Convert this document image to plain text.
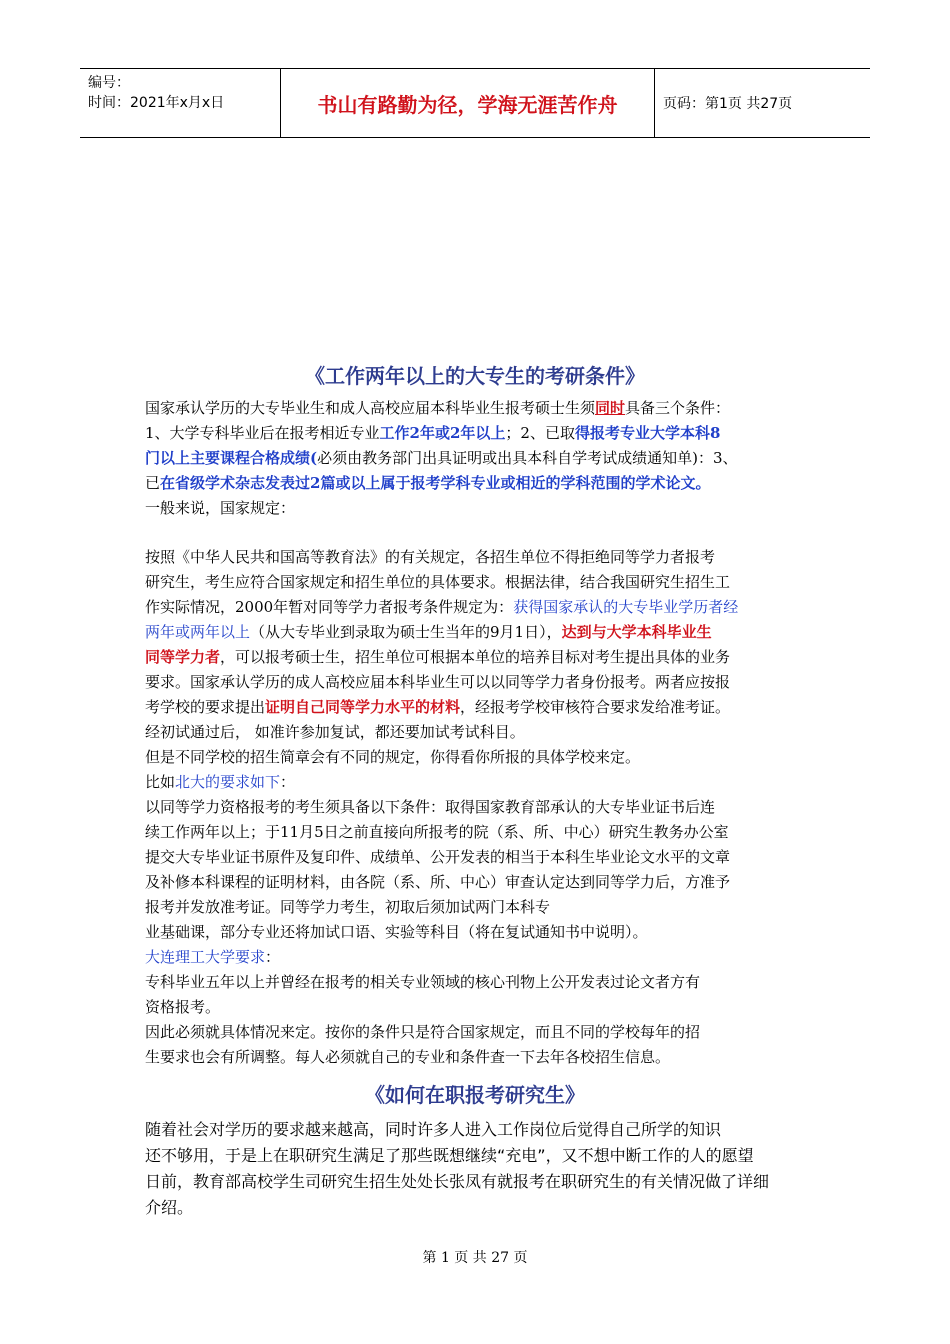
编号：
时间：2021年x月x日	书山有路勤为径，学海无涯苦作舟	页码：第1页 共27页
《工作两年以上的大专生的考研条件》
国家承认学历的大专毕业生和成人高校应届本科毕业生报考硕士生须同时具备三个条件：
1、大学专科毕业后在报考相近专业工作2年或2年以上；2、已取得报考专业大学本科8
门以上主要课程合格成绩(必须由教务部门出具证明或出具本科自学考试成绩通知单)：3、
已在省级学术杂志发表过2篇或以上属于报考学科专业或相近的学科范围的学术论文。
一般来说，国家规定：
按照《中华人民共和国高等教育法》的有关规定，各招生单位不得拒绝同等学力者报考
研究生，考生应符合国家规定和招生单位的具体要求。根据法律，结合我国研究生招生工
作实际情况，2000年暂对同等学力者报考条件规定为：获得国家承认的大专毕业学历者经
两年或两年以上（从大专毕业到录取为硕士生当年的9月1日），达到与大学本科毕业生
同等学力者，可以报考硕士生，招生单位可根据本单位的培养目标对考生提出具体的业务
要求。国家承认学历的成人高校应届本科毕业生可以以同等学力者身份报考。两者应按报
考学校的要求提出证明自己同等学力水平的材料，经报考学校审核符合要求发给准考证。
经初试通过后， 如准许参加复试，都还要加试考试科目。
但是不同学校的招生简章会有不同的规定，你得看你所报的具体学校来定。
比如北大的要求如下：
以同等学力资格报考的考生须具备以下条件：取得国家教育部承认的大专毕业证书后连
续工作两年以上；于11月5日之前直接向所报考的院（系、所、中心）研究生教务办公室
提交大专毕业证书原件及复印件、成绩单、公开发表的相当于本科生毕业论文水平的文章
及补修本科课程的证明材料，由各院（系、所、中心）审查认定达到同等学力后，方准予
报考并发放准考证。同等学力考生，初取后须加试两门本科专
业基础课，部分专业还将加试口语、实验等科目（将在复试通知书中说明）。
大连理工大学要求：
专科毕业五年以上并曾经在报考的相关专业领域的核心刊物上公开发表过论文者方有
资格报考。
因此必须就具体情况来定。按你的条件只是符合国家规定，而且不同的学校每年的招
生要求也会有所调整。每人必须就自己的专业和条件查一下去年各校招生信息。
《如何在职报考研究生》
随着社会对学历的要求越来越高，同时许多人进入工作岗位后觉得自己所学的知识
还不够用，于是上在职研究生满足了那些既想继续“充电”，又不想中断工作的人的愿望
日前，教育部高校学生司研究生招生处处长张凤有就报考在职研究生的有关情况做了详细
介绍。
第 1 页 共 27 页
